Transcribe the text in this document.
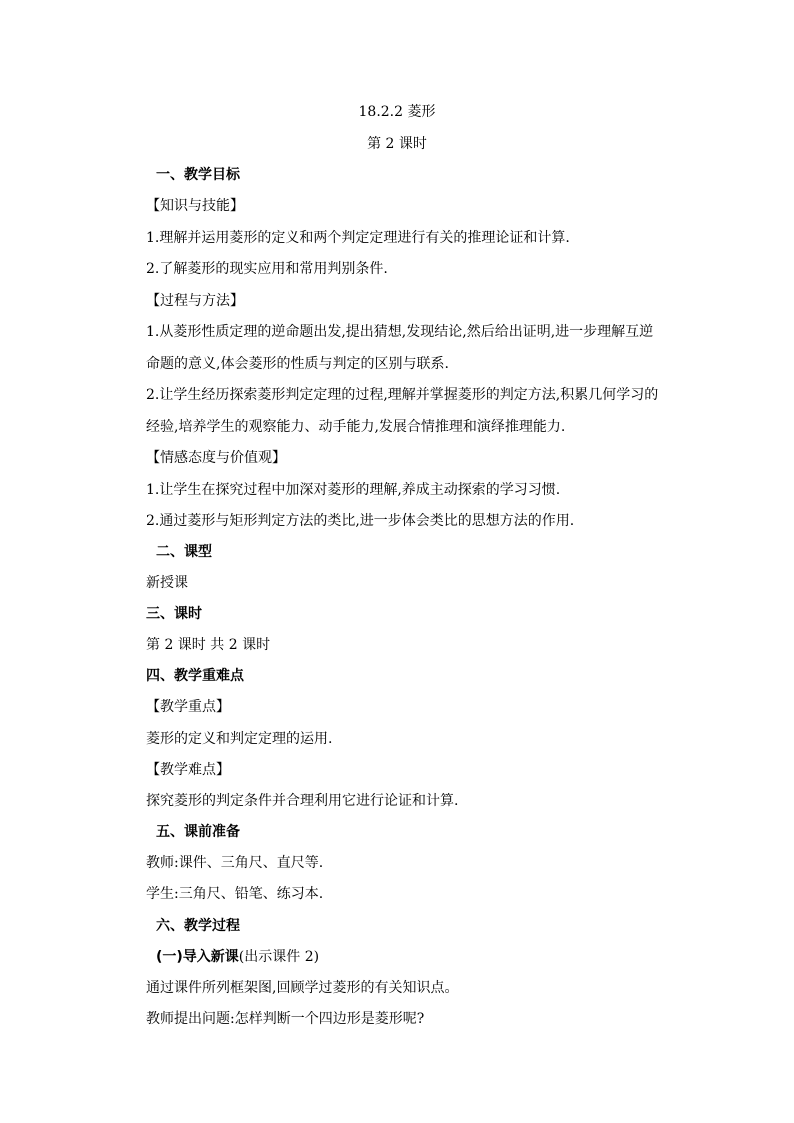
18.2.2 菱形
第 2 课时
一、教学目标
【知识与技能】
1.理解并运用菱形的定义和两个判定定理进行有关的推理论证和计算.
2.了解菱形的现实应用和常用判别条件.
【过程与方法】
1.从菱形性质定理的逆命题出发,提出猜想,发现结论,然后给出证明,进一步理解互逆
命题的意义,体会菱形的性质与判定的区别与联系.
2.让学生经历探索菱形判定定理的过程,理解并掌握菱形的判定方法,积累几何学习的
经验,培养学生的观察能力、动手能力,发展合情推理和演绎推理能力.
【情感态度与价值观】
1.让学生在探究过程中加深对菱形的理解,养成主动探索的学习习惯.
2.通过菱形与矩形判定方法的类比,进一步体会类比的思想方法的作用.
二、课型
新授课
三、课时
第 2 课时 共 2 课时
四、教学重难点
【教学重点】
菱形的定义和判定定理的运用.
【教学难点】
探究菱形的判定条件并合理利用它进行论证和计算.
五、课前准备
教师:课件、三角尺、直尺等.
学生:三角尺、铅笔、练习本.
六、教学过程
(一)导入新课(出示课件 2)
通过课件所列框架图,回顾学过菱形的有关知识点。
教师提出问题:怎样判断一个四边形是菱形呢?
